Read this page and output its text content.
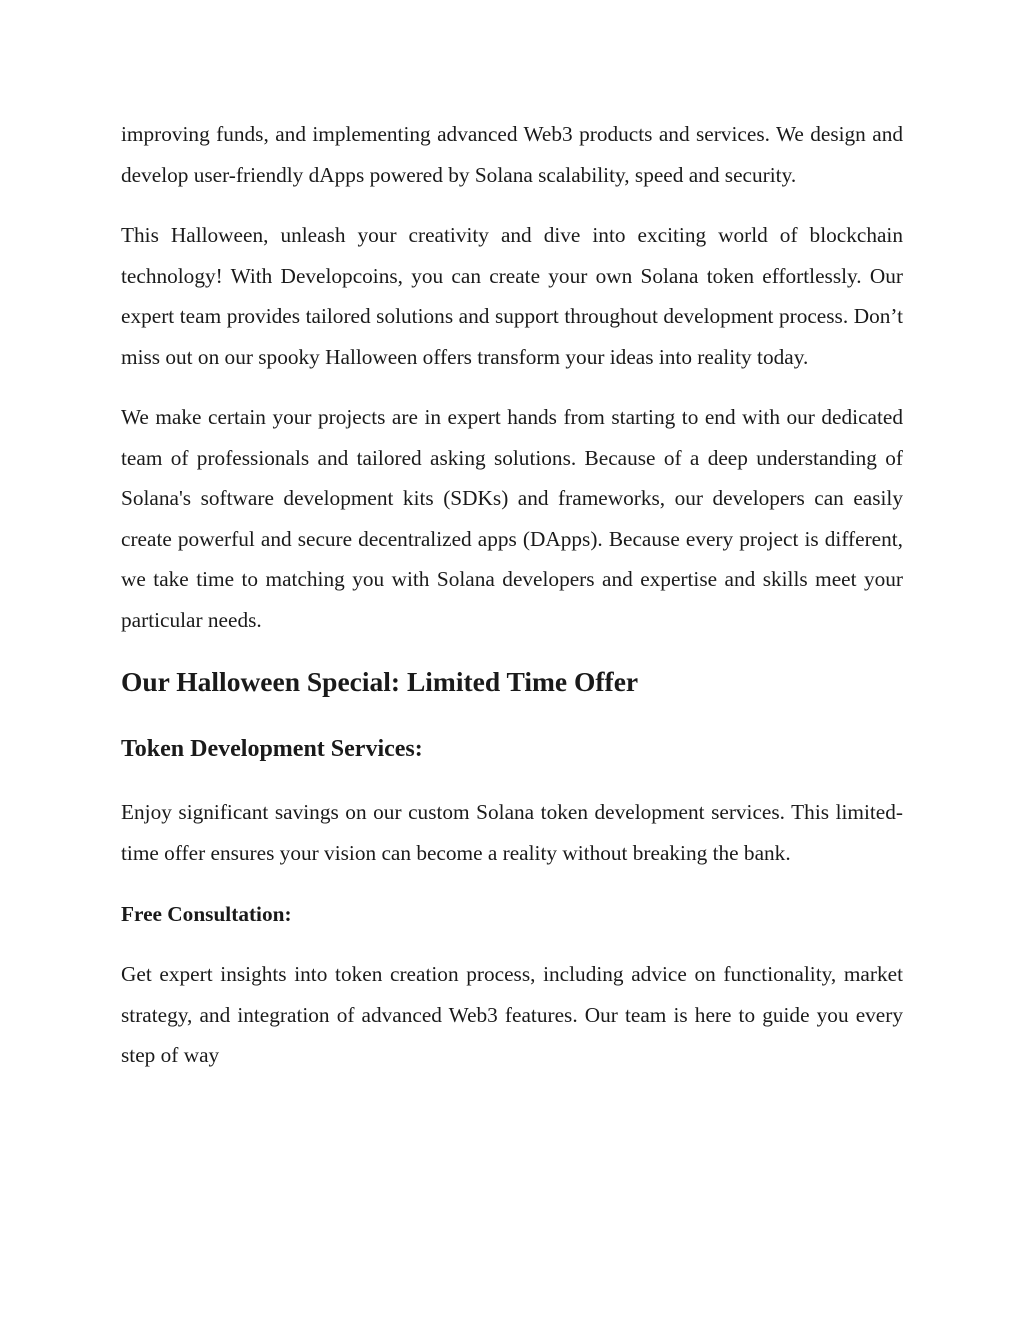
improving funds, and implementing advanced Web3 products and services. We design and develop user-friendly dApps powered by Solana scalability, speed and security.

This Halloween, unleash your creativity and dive into exciting world of blockchain technology! With Developcoins, you can create your own Solana token effortlessly. Our expert team provides tailored solutions and support throughout development process. Don’t miss out on our spooky Halloween offers transform your ideas into reality today.

We make certain your projects are in expert hands from starting to end with our dedicated team of professionals and tailored asking solutions. Because of a deep understanding of Solana's software development kits (SDKs) and frameworks, our developers can easily create powerful and secure decentralized apps (DApps). Because every project is different, we take time to matching you with Solana developers and expertise and skills meet your particular needs.

Our Halloween Special: Limited Time Offer
Token Development Services:

Enjoy significant savings on our custom Solana token development services. This limited-time offer ensures your vision can become a reality without breaking the bank.

Free Consultation:

Get expert insights into token creation process, including advice on functionality, market strategy, and integration of advanced Web3 features. Our team is here to guide you every step of way
